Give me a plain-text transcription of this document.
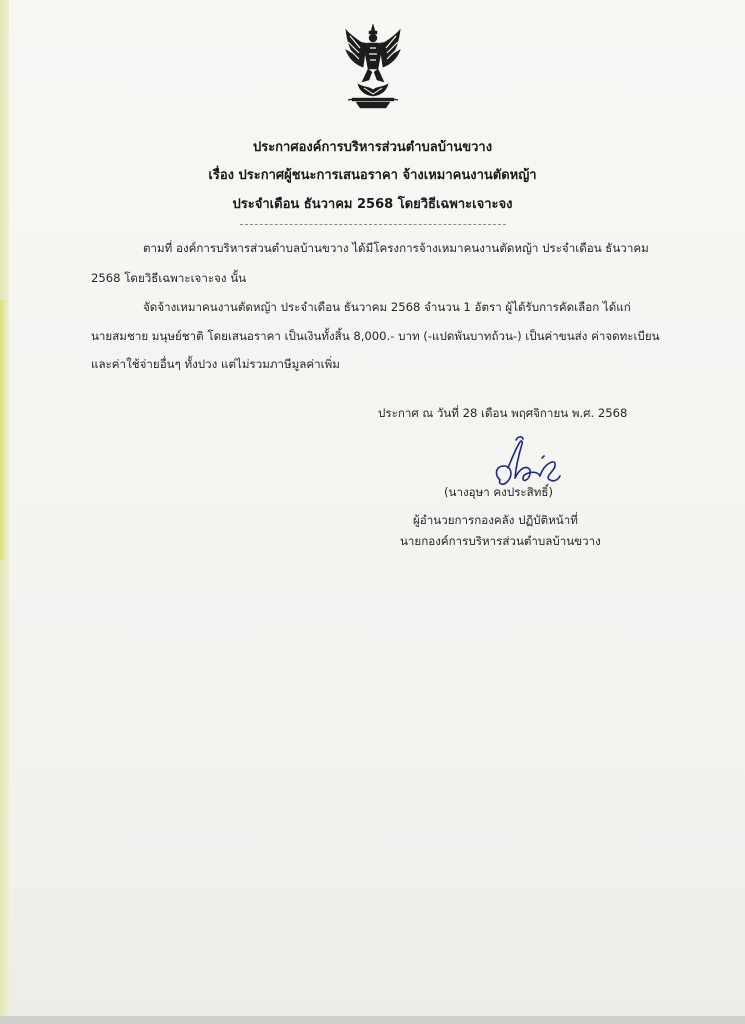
ประกาศองค์การบริหารส่วนตำบลบ้านขวาง
เรื่อง ประกาศผู้ชนะการเสนอราคา จ้างเหมาคนงานตัดหญ้า
ประจำเดือน ธันวาคม 2568 โดยวิธีเฉพาะเจาะจง
ตามที่ องค์การบริหารส่วนตำบลบ้านขวาง ได้มีโครงการจ้างเหมาคนงานตัดหญ้า ประจำเดือน ธันวาคม
2568 โดยวิธีเฉพาะเจาะจง นั้น
จัดจ้างเหมาคนงานตัดหญ้า ประจำเดือน ธันวาคม 2568 จำนวน 1 อัตรา ผู้ได้รับการคัดเลือก ได้แก่
นายสมชาย มนุษย์ชาติ โดยเสนอราคา เป็นเงินทั้งสิ้น 8,000.- บาท (-แปดพันบาทถ้วน-) เป็นค่าขนส่ง ค่าจดทะเบียน
และค่าใช้จ่ายอื่นๆ ทั้งปวง แต่ไม่รวมภาษีมูลค่าเพิ่ม
ประกาศ ณ วันที่ 28 เดือน พฤศจิกายน พ.ศ. 2568
(นางอุษา คงประสิทธิ์)
ผู้อำนวยการกองคลัง ปฏิบัติหน้าที่
นายกองค์การบริหารส่วนตำบลบ้านขวาง
